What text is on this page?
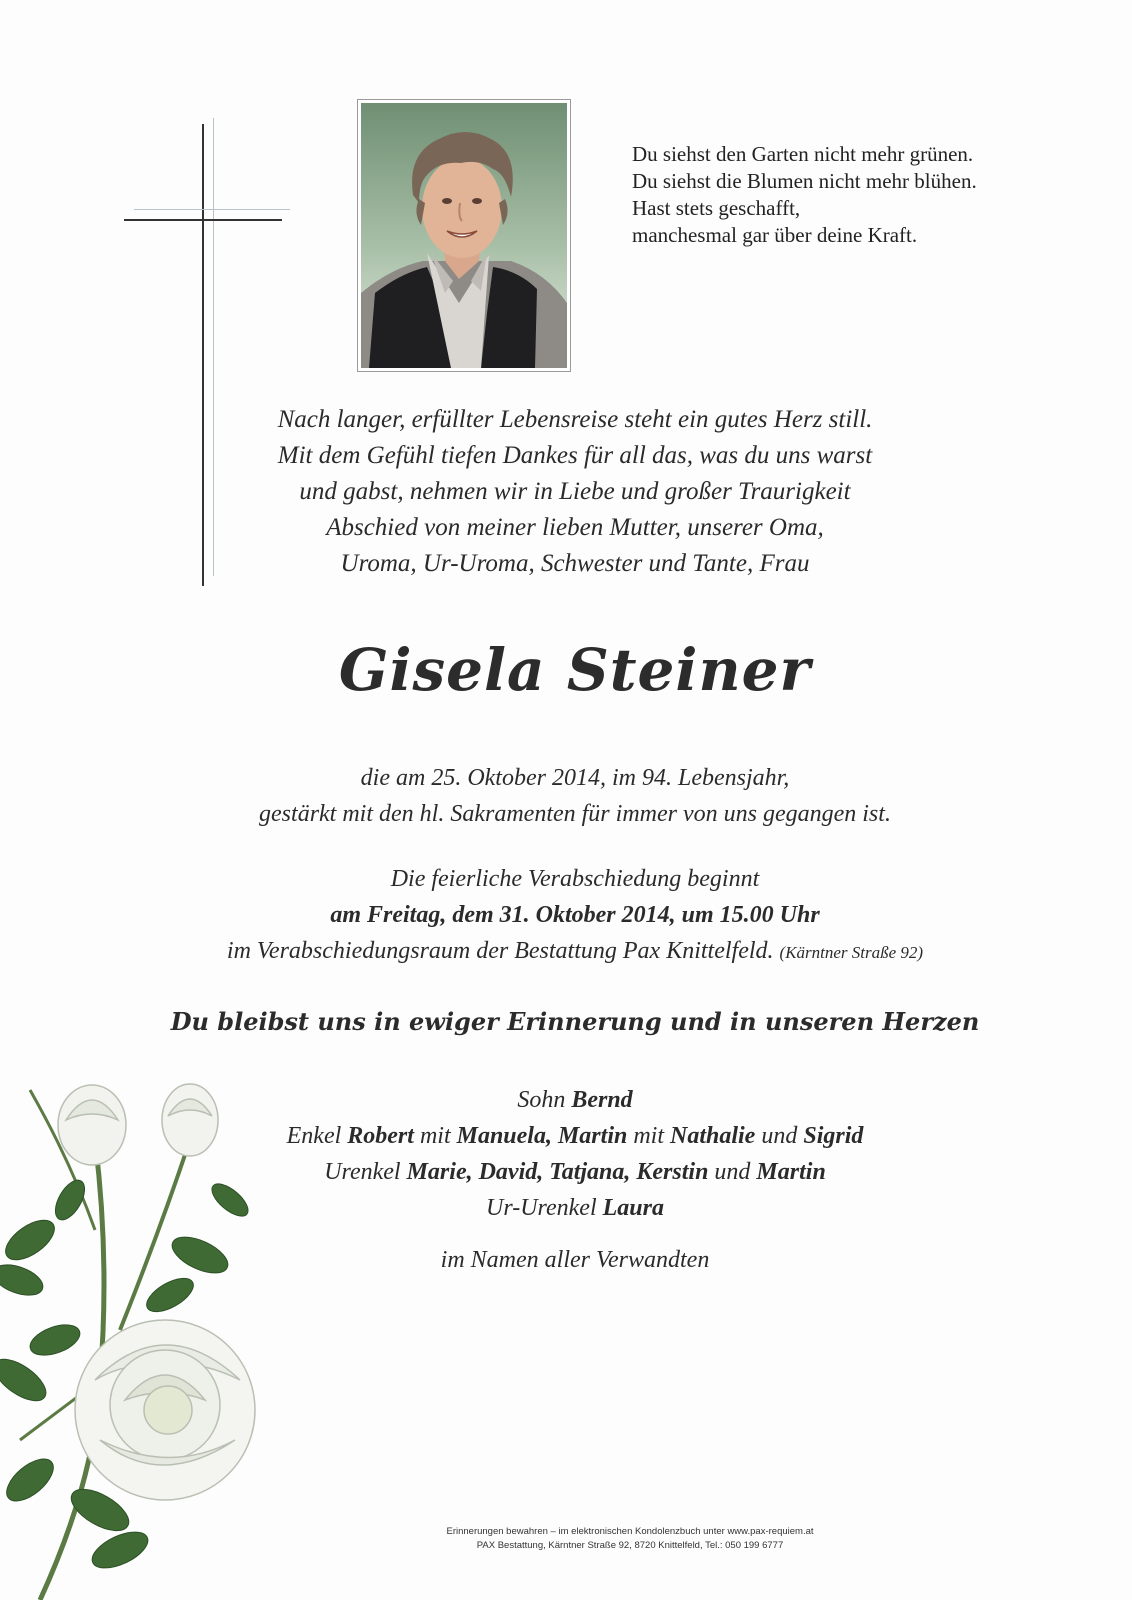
Du siehst den Garten nicht mehr grünen.
Du siehst die Blumen nicht mehr blühen.
Hast stets geschafft,
manchesmal gar über deine Kraft.
Nach langer, erfüllter Lebensreise steht ein gutes Herz still.
Mit dem Gefühl tiefen Dankes für all das, was du uns warst
und gabst, nehmen wir in Liebe und großer Traurigkeit
Abschied von meiner lieben Mutter, unserer Oma,
Uroma, Ur-Uroma, Schwester und Tante, Frau
Gisela Steiner
die am 25. Oktober 2014, im 94. Lebensjahr,
gestärkt mit den hl. Sakramenten für immer von uns gegangen ist.
Die feierliche Verabschiedung beginnt
am Freitag, dem 31. Oktober 2014, um 15.00 Uhr
im Verabschiedungsraum der Bestattung Pax Knittelfeld. (Kärntner Straße 92)
Du bleibst uns in ewiger Erinnerung und in unseren Herzen
Sohn Bernd
Enkel Robert mit Manuela, Martin mit Nathalie und Sigrid
Urenkel Marie, David, Tatjana, Kerstin und Martin
Ur-Urenkel Laura
im Namen aller Verwandten
Erinnerungen bewahren – im elektronischen Kondolenzbuch unter www.pax-requiem.at
PAX Bestattung, Kärntner Straße 92, 8720 Knittelfeld, Tel.: 050 199 6777
